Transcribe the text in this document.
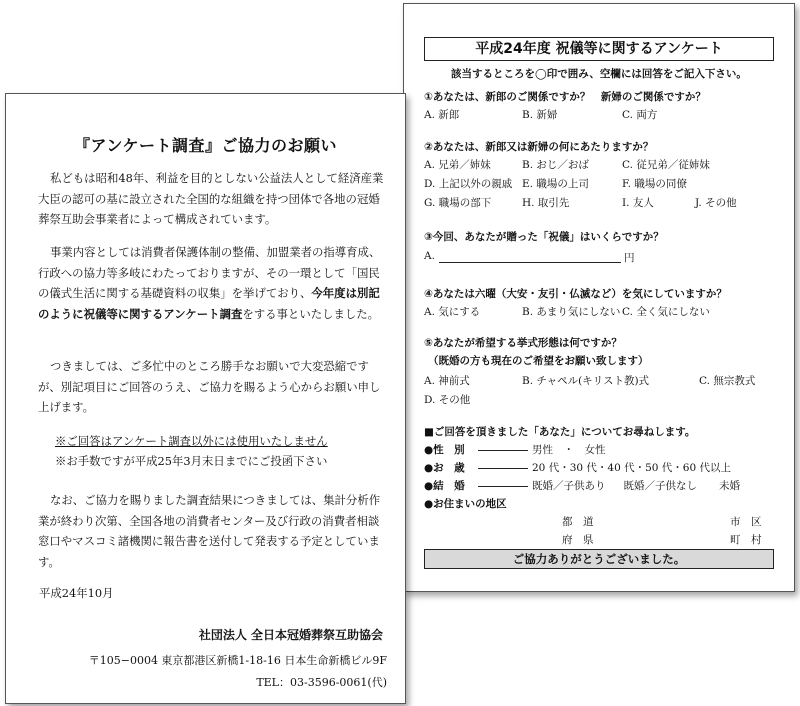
平成24年度 祝儀等に関するアンケート
該当するところを◯印で囲み、空欄には回答をご記入下さい。
①あなたは、新郎のご関係ですか？　新婦のご関係ですか？
A. 新郎	B. 新婦	C. 両方
②あなたは、新郎又は新婦の何にあたりますか？
A. 兄弟／姉妹	B. おじ／おば	C. 従兄弟／従姉妹
D. 上記以外の親戚 E. 職場の上司	F. 職場の同僚
G. 職場の部下	H. 取引先	I. 友人	J. その他
③今回、あなたが贈った「祝儀」はいくらですか？
A.	円
④あなたは六曜（大安・友引・仏滅など）を気にしていますか？
A. 気にする	B. あまり気にしない C. 全く気にしない
⑤あなたが希望する挙式形態は何ですか？
（既婚の方も現在のご希望をお願い致します）
A. 神前式	B. チャペル(キリスト教)式	C. 無宗教式
D. その他
■ご回答を頂きました「あなた」についてお尋ねします。
●性　別	男性　・　女性
●お　歳	20 代・30 代・40 代・50 代・60 代以上
●結　婚	既婚／子供あり 既婚／子供なし 未婚
●お住まいの地区
都　道	市　区
府　県	町　村
ご協力ありがとうございました。
『アンケート調査』ご協力のお願い
私どもは昭和48年、利益を目的としない公益法人として経済産業大臣の認可の基に設立された全国的な組織を持つ団体で各地の冠婚葬祭互助会事業者によって構成されています。
事業内容としては消費者保護体制の整備、加盟業者の指導育成、行政への協力等多岐にわたっておりますが、その一環として「国民の儀式生活に関する基礎資料の収集」を挙げており、今年度は別記のように祝儀等に関するアンケート調査をする事といたしました。
つきましては、ご多忙中のところ勝手なお願いで大変恐縮ですが、別記項目にご回答のうえ、ご協力を賜るよう心からお願い申し上げます。
※ご回答はアンケート調査以外には使用いたしません
※お手数ですが平成25年3月末日までにご投函下さい
なお、ご協力を賜りました調査結果につきましては、集計分析作業が終わり次第、全国各地の消費者センター及び行政の消費者相談窓口やマスコミ諸機関に報告書を送付して発表する予定としています。
平成24年10月
社団法人 全日本冠婚葬祭互助協会
〒105−0004 東京都港区新橋1-18-16 日本生命新橋ビル9F
TEL：03-3596-0061(代)
